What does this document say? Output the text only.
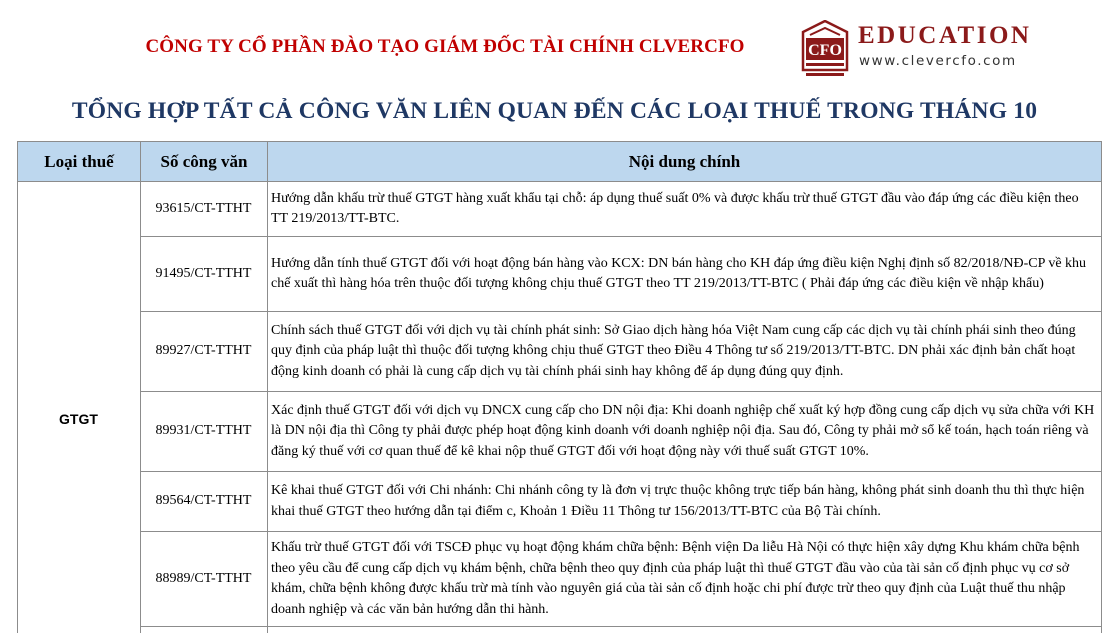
CÔNG TY CỔ PHẦN ĐÀO TẠO GIÁM ĐỐC TÀI CHÍNH CLVERCFO	CFO
EDUCATION
www.clevercfo.com
TỔNG HỢP TẤT CẢ CÔNG VĂN LIÊN QUAN ĐẾN CÁC LOẠI THUẾ TRONG THÁNG 10
Loại thuế	Số công văn	Nội dung chính
GTGT	93615/CT-TTHT	Hướng dẫn khấu trừ thuế GTGT hàng xuất khẩu tại chỗ: áp dụng thuế suất 0% và được khấu trừ thuế GTGT đầu vào đáp ứng các điều kiện theo TT 219/2013/TT-BTC.
	91495/CT-TTHT	Hướng dẫn tính thuế GTGT đối với hoạt động bán hàng vào KCX: DN bán hàng cho KH đáp ứng điều kiện Nghị định số 82/2018/NĐ-CP về khu chế xuất thì hàng hóa trên thuộc đối tượng không chịu thuế GTGT theo TT 219/2013/TT-BTC ( Phải đáp ứng các điều kiện về nhập khẩu)
	89927/CT-TTHT	Chính sách thuế GTGT đối với dịch vụ tài chính phát sinh: Sở Giao dịch hàng hóa Việt Nam cung cấp các dịch vụ tài chính phái sinh theo đúng quy định của pháp luật thì thuộc đối tượng không chịu thuế GTGT theo Điều 4 Thông tư số 219/2013/TT-BTC. DN phải xác định bản chất hoạt động kinh doanh có phải là cung cấp dịch vụ tài chính phái sinh hay không để áp dụng đúng quy định.
	89931/CT-TTHT	Xác định thuế GTGT đối với dịch vụ DNCX cung cấp cho DN nội địa: Khi doanh nghiệp chế xuất ký hợp đồng cung cấp dịch vụ sửa chữa với KH là DN nội địa thì Công ty phải được phép hoạt động kinh doanh với doanh nghiệp nội địa. Sau đó, Công ty phải mở sổ kế toán, hạch toán riêng và đăng ký thuế với cơ quan thuế để kê khai nộp thuế GTGT đối với hoạt động này với thuế suất GTGT 10%.
	89564/CT-TTHT	Kê khai thuế GTGT đối với Chi nhánh: Chi nhánh công ty là đơn vị trực thuộc không trực tiếp bán hàng, không phát sinh doanh thu thì thực hiện khai thuế GTGT theo hướng dẫn tại điểm c, Khoản 1 Điều 11 Thông tư 156/2013/TT-BTC của Bộ Tài chính.
	88989/CT-TTHT	Khấu trừ thuế GTGT đối với TSCĐ phục vụ hoạt động khám chữa bệnh: Bệnh viện Da liễu Hà Nội có thực hiện xây dựng Khu khám chữa bệnh theo yêu cầu để cung cấp dịch vụ khám bệnh, chữa bệnh theo quy định của pháp luật thì thuế GTGT đầu vào của tài sản cố định phục vụ cơ sở khám, chữa bệnh không được khấu trừ mà tính vào nguyên giá của tài sản cố định hoặc chi phí được trừ theo quy định của Luật thuế thu nhập doanh nghiệp và các văn bản hướng dẫn thi hành.
